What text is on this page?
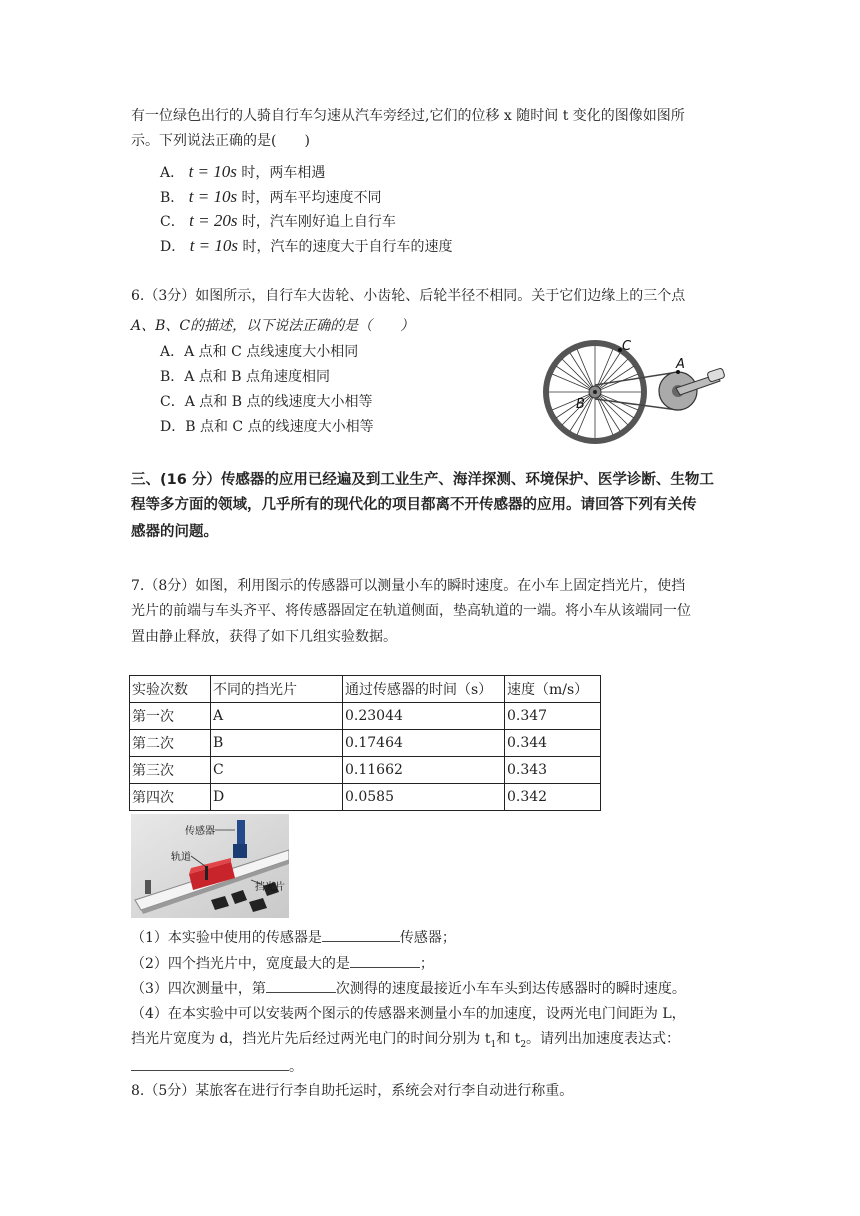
有一位绿色出行的人骑自行车匀速从汽车旁经过,它们的位移 x 随时间 t 变化的图像如图所
示。下列说法正确的是(　　)
A． t = 10s 时，两车相遇
B． t = 10s 时，两车平均速度不同
C． t = 20s 时，汽车刚好追上自行车
D． t = 10s 时，汽车的速度大于自行车的速度
6.（3分）如图所示，自行车大齿轮、小齿轮、后轮半径不相同。关于它们边缘上的三个点
A、B、C的描述，以下说法正确的是（　　）
A．A 点和 C 点线速度大小相同
B．A 点和 B 点角速度相同
C．A 点和 B 点的线速度大小相等
D．B 点和 C 点的线速度大小相等
A
C
B
三、(16 分）传感器的应用已经遍及到工业生产、海洋探测、环境保护、医学诊断、生物工
程等多方面的领域，几乎所有的现代化的项目都离不开传感器的应用。请回答下列有关传
感器的问题。
7.（8分）如图，利用图示的传感器可以测量小车的瞬时速度。在小车上固定挡光片，使挡
光片的前端与车头齐平、将传感器固定在轨道侧面，垫高轨道的一端。将小车从该端同一位
置由静止释放，获得了如下几组实验数据。
实验次数	不同的挡光片	通过传感器的时间（s）	速度（m/s）
第一次	A	0.23044	0.347
第二次	B	0.17464	0.344
第三次	C	0.11662	0.343
第四次	D	0.0585	0.342
传感器
轨道
挡光片
（1）本实验中使用的传感器是	传感器；
（2）四个挡光片中，宽度最大的是	；
（3）四次测量中，第	次测得的速度最接近小车车头到达传感器时的瞬时速度。
（4）在本实验中可以安装两个图示的传感器来测量小车的加速度，设两光电门间距为 L，
挡光片宽度为 d，挡光片先后经过两光电门的时间分别为 $t_1$和 $t_2$。请列出加速度表达式：
。
8.（5分）某旅客在进行行李自助托运时，系统会对行李自动进行称重。
